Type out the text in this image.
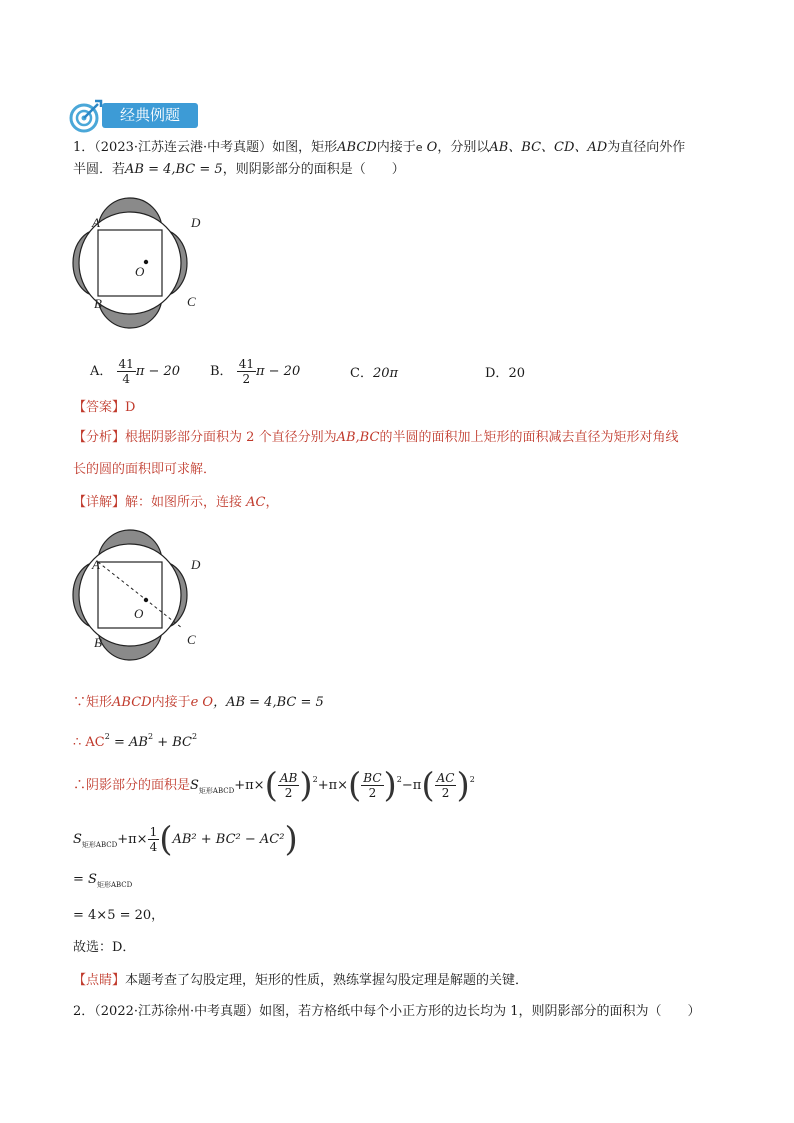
经典例题
1．（2023·江苏连云港·中考真题）如图，矩形ABCD内接于e O，分别以AB、BC、CD、AD为直径向外作
半圆．若AB = 4,BC = 5，则阴影部分的面积是（　　）
A	D
B	C
O
A． $\frac{41}{4}$ π − 20 B． $\frac{41}{2}$ π − 20	C．20π	D．20
【答案】D
【分析】根据阴影部分面积为 2 个直径分别为AB,BC的半圆的面积加上矩形的面积减去直径为矩形对角线
长的圆的面积即可求解．
【详解】解：如图所示，连接 AC，
A	D
B	C
O
∵矩形ABCD内接于e O，AB = 4,BC = 5
∴ $AC^2 = AB^2 + BC^2$
∴阴影部分的面积是$S_{矩形ABCD}+\pi\times( \frac{AB}{2} )^2+\pi\times( \frac{BC}{2} )^2-\pi( \frac{AC}{2} )^2$
$S_{矩形ABCD}+\pi\times \frac{1}{4} (AB^2 + BC^2 - AC^2)$
= $S_{矩形ABCD}$
= 4×5 = 20，
故选：D．
【点睛】本题考查了勾股定理，矩形的性质，熟练掌握勾股定理是解题的关键．
2．（2022·江苏徐州·中考真题）如图，若方格纸中每个小正方形的边长均为 1，则阴影部分的面积为（　　）
